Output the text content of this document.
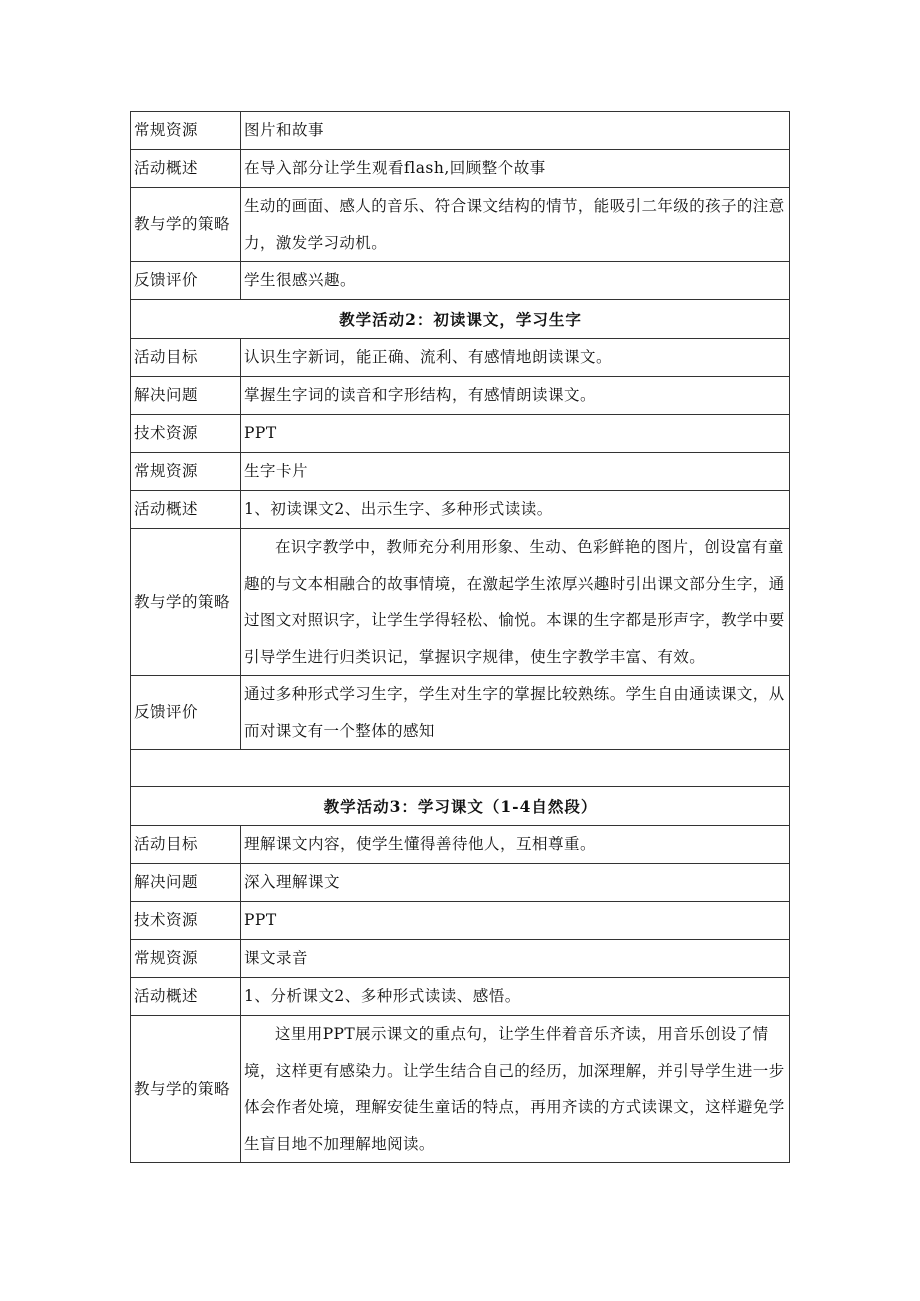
常规资源	图片和故事
活动概述	在导入部分让学生观看flash,回顾整个故事
教与学的策略	生动的画面、感人的音乐、符合课文结构的情节，能吸引二年级的孩子的注意力，激发学习动机。
反馈评价	学生很感兴趣。
教学活动2：初读课文，学习生字	
活动目标	认识生字新词，能正确、流利、有感情地朗读课文。
解决问题	掌握生字词的读音和字形结构，有感情朗读课文。
技术资源	PPT
常规资源	生字卡片
活动概述	1、初读课文2、出示生字、多种形式读读。
教与学的策略	在识字教学中，教师充分利用形象、生动、色彩鲜艳的图片，创设富有童趣的与文本相融合的故事情境，在激起学生浓厚兴趣时引出课文部分生字，通过图文对照识字，让学生学得轻松、愉悦。本课的生字都是形声字，教学中要引导学生进行归类识记，掌握识字规律，使生字教学丰富、有效。
反馈评价	通过多种形式学习生字，学生对生字的掌握比较熟练。学生自由通读课文，从而对课文有一个整体的感知

教学活动3：学习课文（1-4自然段）	
活动目标	理解课文内容，使学生懂得善待他人，互相尊重。
解决问题	深入理解课文
技术资源	PPT
常规资源	课文录音
活动概述	1、分析课文2、多种形式读读、感悟。
教与学的策略	这里用PPT展示课文的重点句，让学生伴着音乐齐读，用音乐创设了情境，这样更有感染力。让学生结合自己的经历，加深理解，并引导学生进一步体会作者处境，理解安徒生童话的特点，再用齐读的方式读课文，这样避免学生盲目地不加理解地阅读。
